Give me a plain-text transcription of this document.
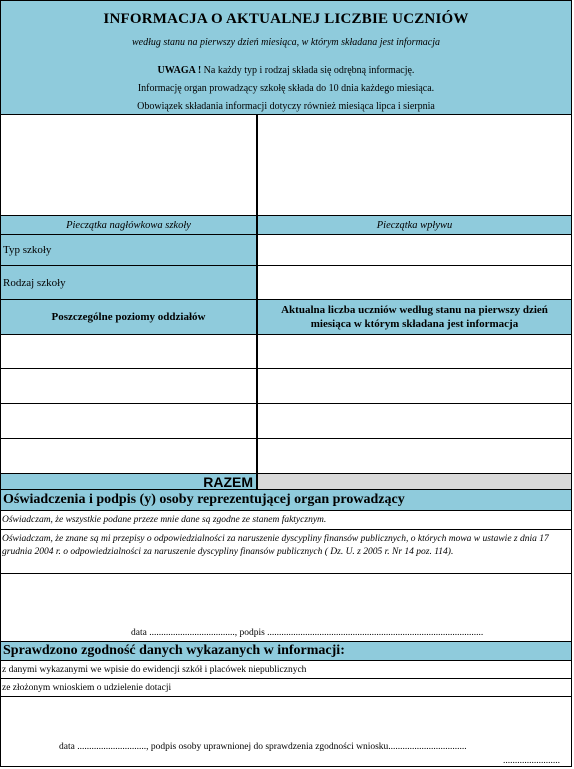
INFORMACJA O AKTUALNEJ LICZBIE UCZNIÓW
według stanu na pierwszy dzień miesiąca, w którym składana jest informacja
UWAGA ! Na każdy typ i rodzaj składa się odrębną informację.
Informację organ prowadzący szkołę składa do 10 dnia każdego miesiąca.
Obowiązek składania informacji dotyczy również miesiąca lipca i sierpnia
Pieczątka nagłówkowa szkoły	Pieczątka wpływu
Typ szkoły
Rodzaj szkoły
Poszczególne poziomy oddziałów
Aktualna liczba uczniów według stanu na pierwszy dzień miesiąca w którym składana jest informacja
RAZEM
Oświadczenia i podpis (y) osoby reprezentującej organ prowadzący
Oświadczam, że wszystkie podane przeze mnie dane są zgodne ze stanem faktycznym.
Oświadczam, że znane są mi przepisy o odpowiedzialności za naruszenie dyscypliny finansów publicznych, o których mowa w ustawie z dnia 17 grudnia 2004 r. o odpowiedzialności za naruszenie dyscypliny finansów publicznych ( Dz. U. z 2005 r. Nr 14 poz. 114).
data ...................................., podpis ...........................................................................................
Sprawdzono zgodność danych wykazanych w informacji:
z danymi wykazanymi we wpisie do ewidencji szkół i placówek niepublicznych
ze złożonym wnioskiem o udzielenie dotacji
data ............................., podpis osoby uprawnionej do sprawdzenia zgodności wniosku.................................
........................
